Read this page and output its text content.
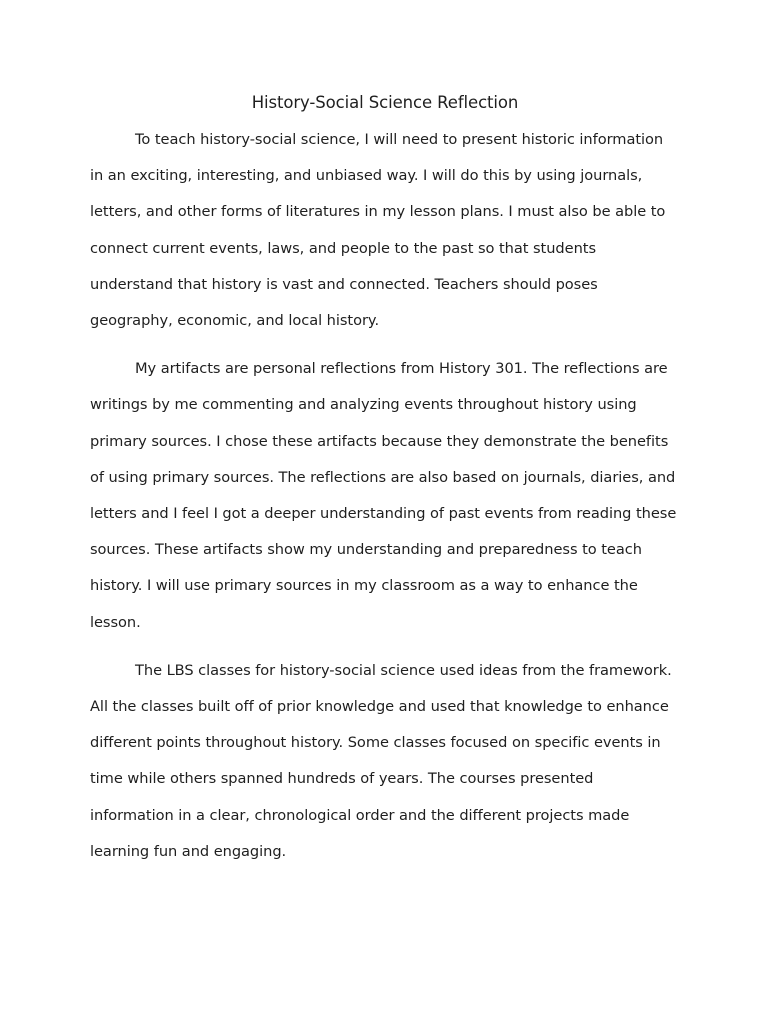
History-Social Science Reflection

To teach history-social science, I will need to present historic information in an exciting, interesting, and unbiased way. I will do this by using journals, letters, and other forms of literatures in my lesson plans. I must also be able to connect current events, laws, and people to the past so that students understand that history is vast and connected. Teachers should poses geography, economic, and local history.

My artifacts are personal reflections from History 301. The reflections are writings by me commenting and analyzing events throughout history using primary sources. I chose these artifacts because they demonstrate the benefits of using primary sources. The reflections are also based on journals, diaries, and letters and I feel I got a deeper understanding of past events from reading these sources. These artifacts show my understanding and preparedness to teach history. I will use primary sources in my classroom as a way to enhance the lesson.

The LBS classes for history-social science used ideas from the framework. All the classes built off of prior knowledge and used that knowledge to enhance different points throughout history. Some classes focused on specific events in time while others spanned hundreds of years. The courses presented information in a clear, chronological order and the different projects made learning fun and engaging.
